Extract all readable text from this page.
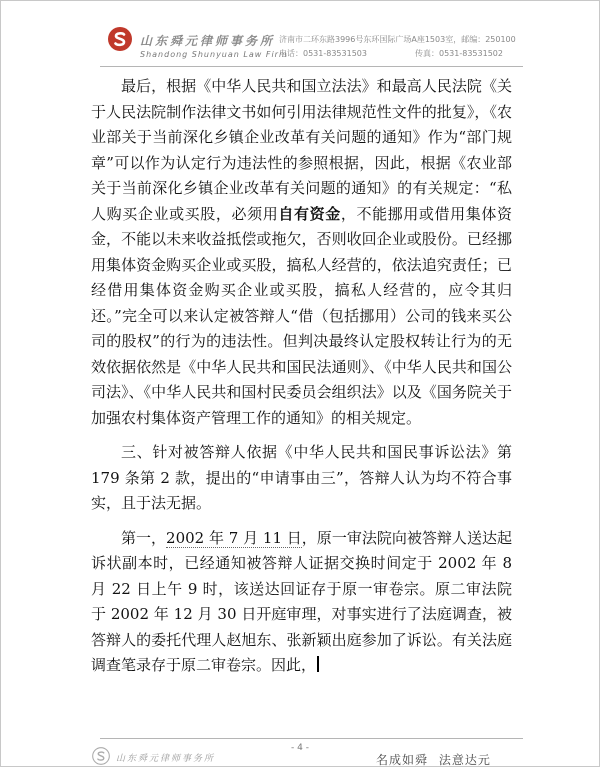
山东舜元律师事务所
Shandong Shunyuan Law Firm
济南市二环东路3996号东环国际广场A座1503室，邮编：250100
电话：0531-83531503	传真：0531-83531502

最后，根据《中华人民共和国立法法》和最高人民法院《关于人民法院制作法律文书如何引用法律规范性文件的批复》，《农业部关于当前深化乡镇企业改革有关问题的通知》作为“部门规章”可以作为认定行为违法性的参照根据，因此，根据《农业部关于当前深化乡镇企业改革有关问题的通知》的有关规定：“私人购买企业或买股，必须用自有资金，不能挪用或借用集体资金，不能以未来收益抵偿或拖欠，否则收回企业或股份。已经挪用集体资金购买企业或买股，搞私人经营的，依法追究责任；已经借用集体资金购买企业或买股，搞私人经营的，应令其归还。”完全可以来认定被答辩人“借（包括挪用）公司的钱来买公司的股权”的行为的违法性。但判决最终认定股权转让行为的无效依据依然是《中华人民共和国民法通则》、《中华人民共和国公司法》、《中华人民共和国村民委员会组织法》以及《国务院关于加强农村集体资产管理工作的通知》的相关规定。

三、针对被答辩人依据《中华人民共和国民事诉讼法》第 179 条第 2 款，提出的“申请事由三”，答辩人认为均不符合事实，且于法无据。

第一，2002 年 7 月 11 日，原一审法院向被答辩人送达起诉状副本时，已经通知被答辩人证据交换时间定于 2002 年 8 月 22 日上午 9 时，该送达回证存于原一审卷宗。原二审法院于 2002 年 12 月 30 日开庭审理，对事实进行了法庭调查，被答辩人的委托代理人赵旭东、张新颖出庭参加了诉讼。有关法庭调查笔录存于原二审卷宗。因此，

山东舜元律师事务所
- 4 -
名成如舜 法意达元
